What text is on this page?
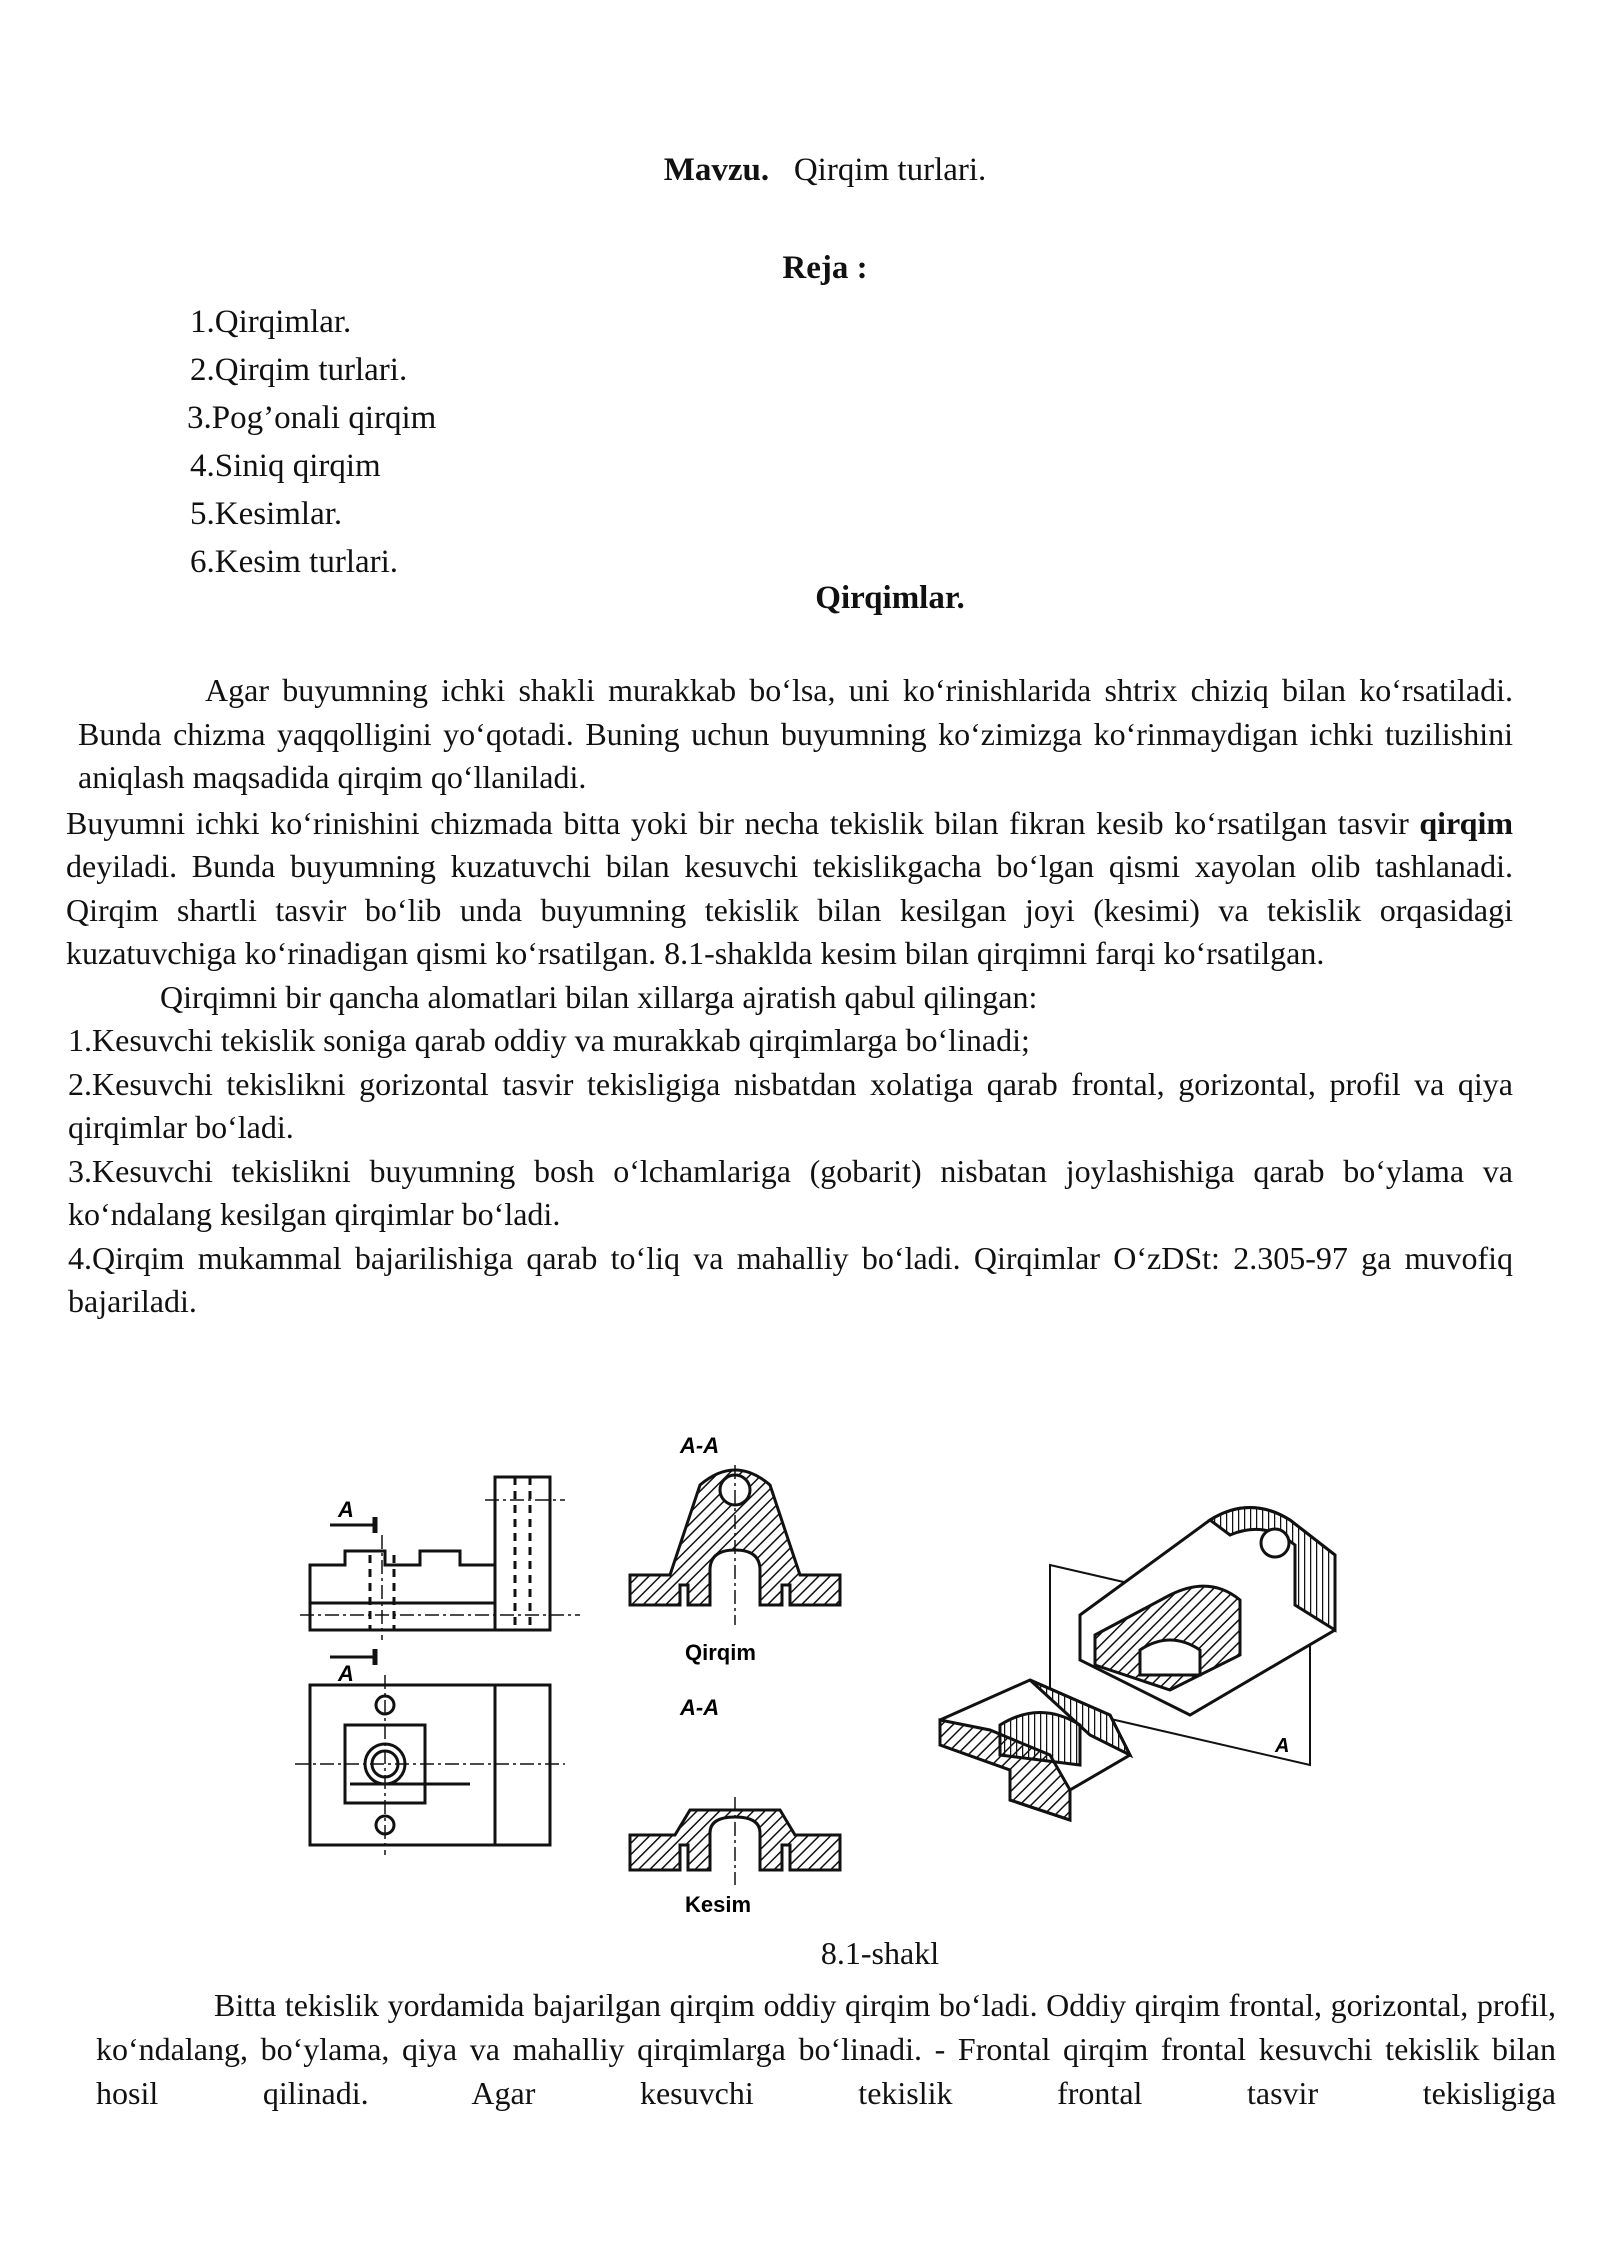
Mavzu. Qirqim turlari.
Reja :
1.Qirqimlar.
2.Qirqim turlari.
3.Pog’onali qirqim
4.Siniq qirqim
5.Kesimlar.
6.Kesim turlari.
Qirqimlar.

Agar buyumning ichki shakli murakkab bo‘lsa, uni ko‘rinishlarida shtrix chiziq bilan ko‘rsatiladi. Bunda chizma yaqqolligini yo‘qotadi. Buning uchun buyumning ko‘zimizga ko‘rinmaydigan ichki tuzilishini aniqlash maqsadida qirqim qo‘llaniladi.

Buyumni ichki ko‘rinishini chizmada bitta yoki bir necha tekislik bilan fikran kesib ko‘rsatilgan tasvir qirqim deyiladi. Bunda buyumning kuzatuvchi bilan kesuvchi tekislikgacha bo‘lgan qismi xayolan olib tashlanadi. Qirqim shartli tasvir bo‘lib unda buyumning tekislik bilan kesilgan joyi (kesimi) va tekislik orqasidagi kuzatuvchiga ko‘rinadigan qismi ko‘rsatilgan. 8.1-shaklda kesim bilan qirqimni farqi ko‘rsatilgan.

Qirqimni bir qancha alomatlari bilan xillarga ajratish qabul qilingan:

1.Kesuvchi tekislik soniga qarab oddiy va murakkab qirqimlarga bo‘linadi;

2.Kesuvchi tekislikni gorizontal tasvir tekisligiga nisbatdan xolatiga qarab frontal, gorizontal, profil va qiya qirqimlar bo‘ladi.

3.Kesuvchi tekislikni buyumning bosh o‘lchamlariga (gobarit) nisbatan joylashishiga qarab bo‘ylama va ko‘ndalang kesilgan qirqimlar bo‘ladi.

4.Qirqim mukammal bajarilishiga qarab to‘liq va mahalliy bo‘ladi. Qirqimlar O‘zDSt: 2.305-97 ga muvofiq bajariladi.

A
A
A-A
Qirqim
A-A
Kesim
A
8.1-shakl

Bitta tekislik yordamida bajarilgan qirqim oddiy qirqim bo‘ladi. Oddiy qirqim frontal, gorizontal, profil, ko‘ndalang, bo‘ylama, qiya va mahalliy qirqimlarga bo‘linadi. - Frontal qirqim frontal kesuvchi tekislik bilan hosil qilinadi. Agar kesuvchi tekislik frontal tasvir tekisligiga
